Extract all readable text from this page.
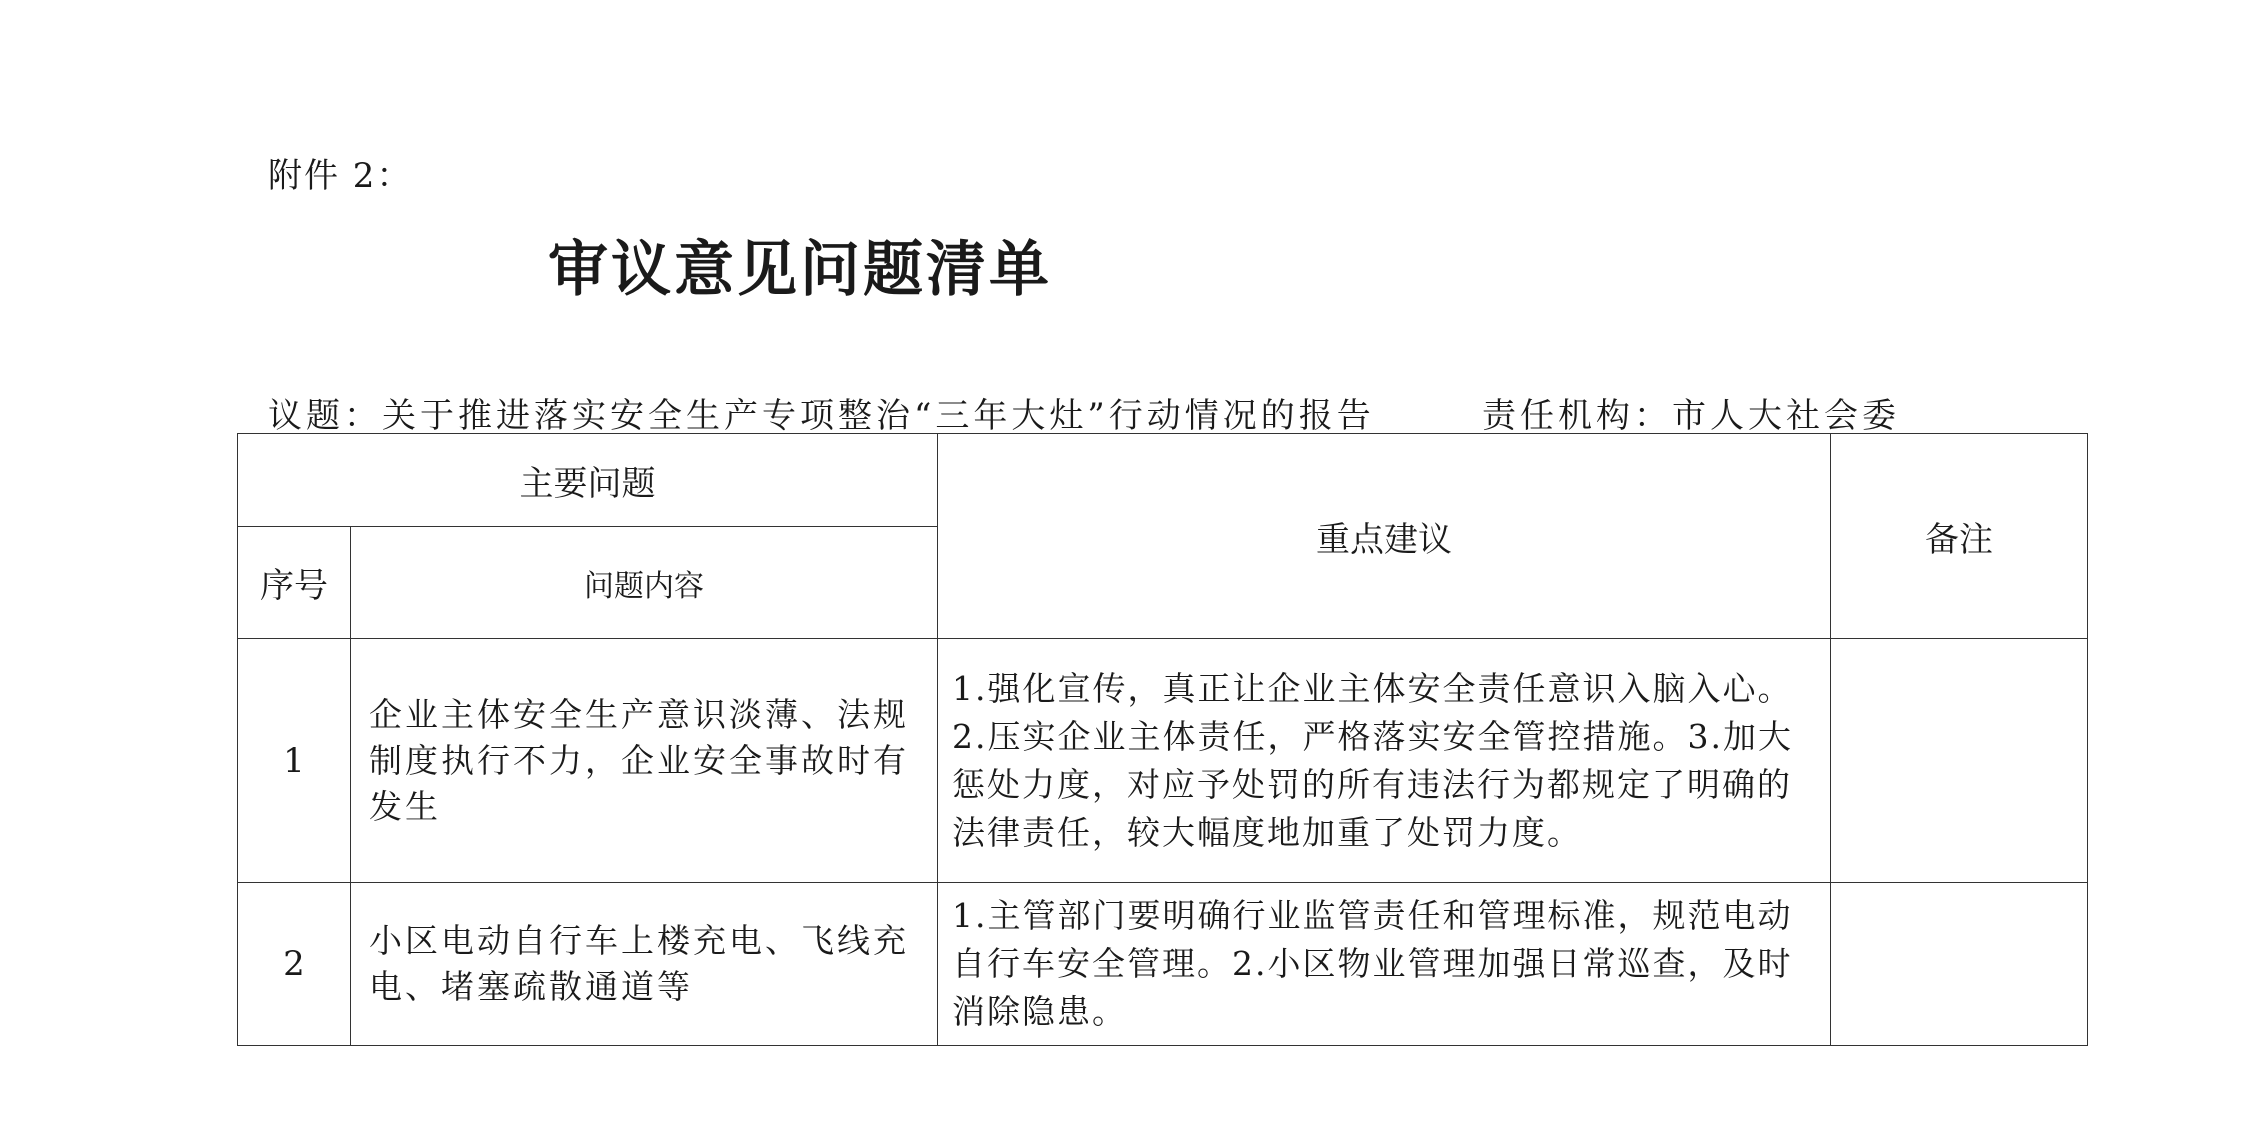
附件 2：
审议意见问题清单
议题：关于推进落实安全生产专项整治“三年大灶”行动情况的报告	责任机构：市人大社会委
主要问题		重点建议	备注
序号	问题内容		
1	企业主体安全生产意识淡薄、法规制度执行不力，企业安全事故时有发生	1.强化宣传，真正让企业主体安全责任意识入脑入心。2.压实企业主体责任，严格落实安全管控措施。3.加大惩处力度，对应予处罚的所有违法行为都规定了明确的法律责任，较大幅度地加重了处罚力度。	
2	小区电动自行车上楼充电、飞线充电、堵塞疏散通道等	1.主管部门要明确行业监管责任和管理标准，规范电动自行车安全管理。2.小区物业管理加强日常巡查，及时消除隐患。	
